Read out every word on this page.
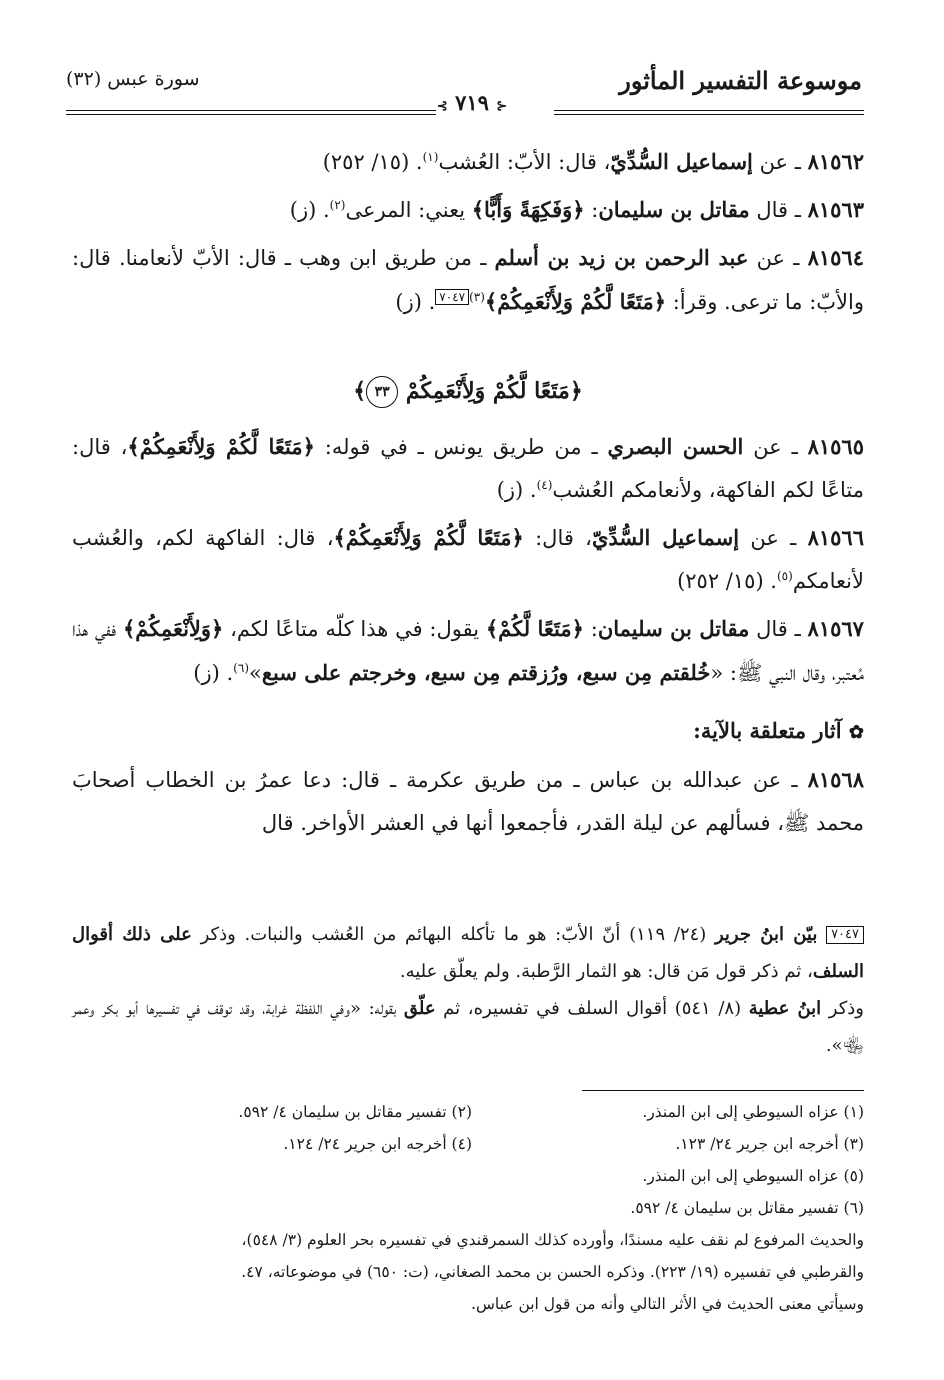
موسوعة التفسير المأثور
سورة عبس (٣٢)
⊰ ٧١٩ ⊱

٨١٥٦٢ ـ عن إسماعيل السُّدِّيّ، قال: الأبّ: العُشب$^{(١)}$. (١٥/ ٢٥٢)

٨١٥٦٣ ـ قال مقاتل بن سليمان: ﴿وَفَكِهَةً وَأَبًّا﴾ يعني: المرعى$^{(٢)}$. (ز)

٨١٥٦٤ ـ عن عبد الرحمن بن زيد بن أسلم ـ من طريق ابن وهب ـ قال: الأبّ لأنعامنا. قال: والأبّ: ما ترعى. وقرأ: ﴿مَتَعًا لَّكُمْ وَلِأَنْعَمِكُمْ﴾$^{(٣)}$٧٠٤٧. (ز)

﴿مَتَعًا لَّكُمْ وَلِأَنْعَمِكُمْ ٣٣﴾

٨١٥٦٥ ـ عن الحسن البصري ـ من طريق يونس ـ في قوله: ﴿مَتَعًا لَّكُمْ وَلِأَنْعَمِكُمْ﴾، قال: متاعًا لكم الفاكهة، ولأنعامكم العُشب$^{(٤)}$. (ز)

٨١٥٦٦ ـ عن إسماعيل السُّدِّيّ، قال: ﴿مَتَعًا لَّكُمْ وَلِأَنْعَمِكُمْ﴾، قال: الفاكهة لكم، والعُشب لأنعامكم$^{(٥)}$. (١٥/ ٢٥٢)

٨١٥٦٧ ـ قال مقاتل بن سليمان: ﴿مَتَعًا لَّكُمْ﴾ يقول: في هذا كلّه متاعًا لكم، ﴿وَلِأَنْعَمِكُمْ﴾ ففي هذا مُعتبر، وقال النبي ﷺ: «خُلقتم مِن سبع، ورُزقتم مِن سبع، وخرجتم على سبع»$^{(٦)}$. (ز)

✿ آثار متعلقة بالآية:

٨١٥٦٨ ـ عن عبدالله بن عباس ـ من طريق عكرمة ـ قال: دعا عمرُ بن الخطاب أصحابَ محمد ﷺ، فسألهم عن ليلة القدر، فأجمعوا أنها في العشر الأواخر. قال

٧٠٤٧ بيّن ابنُ جرير (٢٤/ ١١٩) أنّ الأبّ: هو ما تأكله البهائم من العُشب والنبات. وذكر على ذلك أقوال السلف، ثم ذكر قول مَن قال: هو الثمار الرَّطبة. ولم يعلّق عليه.
وذكر ابنُ عطية (٨/ ٥٤١) أقوال السلف في تفسيره، ثم علّق بقوله: «وفي اللفظة غرابة، وقد توقف في تفسيرها أبو بكر وعمر ﵄».
(١) عزاه السيوطي إلى ابن المنذر.
(٢) تفسير مقاتل بن سليمان ٤/ ٥٩٢.
(٣) أخرجه ابن جرير ٢٤/ ١٢٣.
(٤) أخرجه ابن جرير ٢٤/ ١٢٤.
(٥) عزاه السيوطي إلى ابن المنذر.
(٦) تفسير مقاتل بن سليمان ٤/ ٥٩٢.
والحديث المرفوع لم نقف عليه مسندًا، وأورده كذلك السمرقندي في تفسيره بحر العلوم (٣/ ٥٤٨)،
والقرطبي في تفسيره (١٩/ ٢٢٣). وذكره الحسن بن محمد الصغاني، (ت: ٦٥٠) في موضوعاته، ٤٧.
وسيأتي معنى الحديث في الأثر التالي وأنه من قول ابن عباس.
